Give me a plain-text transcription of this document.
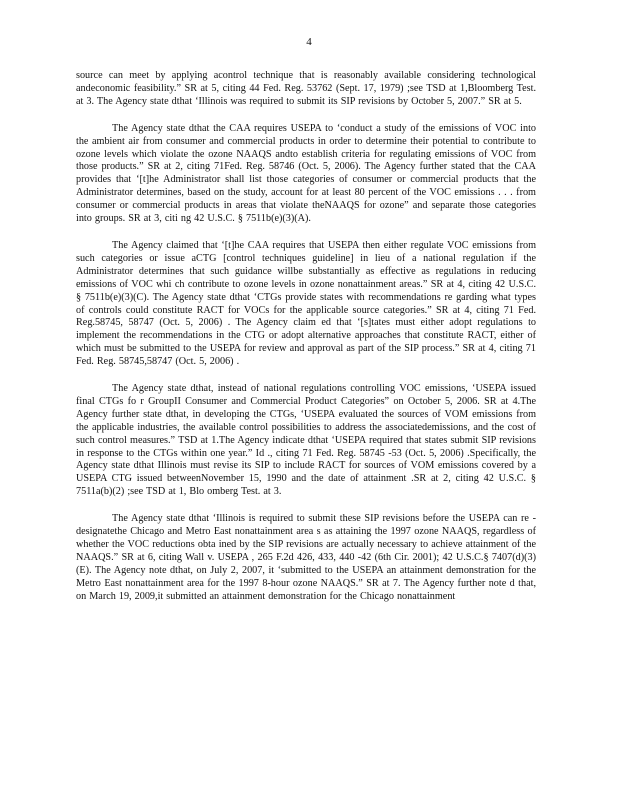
4

source can meet by applying acontrol technique that is reasonably available considering technological andeconomic feasibility.” SR at 5, citing 44 Fed. Reg. 53762 (Sept. 17, 1979) ;see TSD at 1,Bloomberg Test. at 3. The Agency state dthat ‘Illinois was required to submit its SIP revisions by October 5, 2007.” SR at 5.

The Agency state dthat the CAA requires USEPA to ‘conduct a study of the emissions of VOC into the ambient air from consumer and commercial products in order to determine their potential to contribute to ozone levels which violate the ozone NAAQS andto establish criteria for regulating emissions of VOC from those products.” SR at 2, citing 71Fed. Reg. 58746 (Oct. 5, 2006). The Agency further stated that the CAA provides that ‘[t]he Administrator shall list those categories of consumer or commercial products that the Administrator determines, based on the study, account for at least 80 percent of the VOC emissions . . . from consumer or commercial products in areas that violate theNAAQS for ozone” and separate those categories into groups. SR at 3, citi ng 42 U.S.C. § 7511b(e)(3)(A).

The Agency claimed that ‘[t]he CAA requires that USEPA then either regulate VOC emissions from such categories or issue aCTG [control techniques guideline] in lieu of a national regulation if the Administrator determines that such guidance willbe substantially as effective as regulations in reducing emissions of VOC whi ch contribute to ozone levels in ozone nonattainment areas.” SR at 4, citing 42 U.S.C. § 7511b(e)(3)(C). The Agency state dthat ‘CTGs provide states with recommendations re garding what types of controls could constitute RACT for VOCs for the applicable source categories.” SR at 4, citing 71 Fed. Reg.58745, 58747 (Oct. 5, 2006) . The Agency claim ed that ‘[s]tates must either adopt regulations to implement the recommendations in the CTG or adopt alternative approaches that constitute RACT, either of which must be submitted to the USEPA for review and approval as part of the SIP process.” SR at 4, citing 71 Fed. Reg. 58745,58747 (Oct. 5, 2006) .

The Agency state dthat, instead of national regulations controlling VOC emissions, ‘USEPA issued final CTGs fo r GroupII Consumer and Commercial Product Categories” on October 5, 2006. SR at 4.The Agency further state dthat, in developing the CTGs, ‘USEPA evaluated the sources of VOM emissions from the applicable industries, the available control possibilities to address the associatedemissions, and the cost of such control measures.” TSD at 1.The Agency indicate dthat ‘USEPA required that states submit SIP revisions in response to the CTGs within one year.” Id ., citing 71 Fed. Reg. 58745 -53 (Oct. 5, 2006) .Specifically, the Agency state dthat Illinois must revise its SIP to include RACT for sources of VOM emissions covered by a USEPA CTG issued betweenNovember 15, 1990 and the date of attainment .SR at 2, citing 42 U.S.C. § 7511a(b)(2) ;see TSD at 1, Blo omberg Test. at 3.

The Agency state dthat ‘Illinois is required to submit these SIP revisions before the USEPA can re -designatethe Chicago and Metro East nonattainment area s as attaining the 1997 ozone NAAQS, regardless of whether the VOC reductions obta ined by the SIP revisions are actually necessary to achieve attainment of the NAAQS.” SR at 6, citing Wall v. USEPA , 265 F.2d 426, 433, 440 -42 (6th Cir. 2001); 42 U.S.C.§ 7407(d)(3)(E). The Agency note dthat, on July 2, 2007, it ‘submitted to the USEPA an attainment demonstration for the Metro East nonattainment area for the 1997 8-hour ozone NAAQS.” SR at 7. The Agency further note d that, on March 19, 2009,it submitted an attainment demonstration for the Chicago nonattainment
